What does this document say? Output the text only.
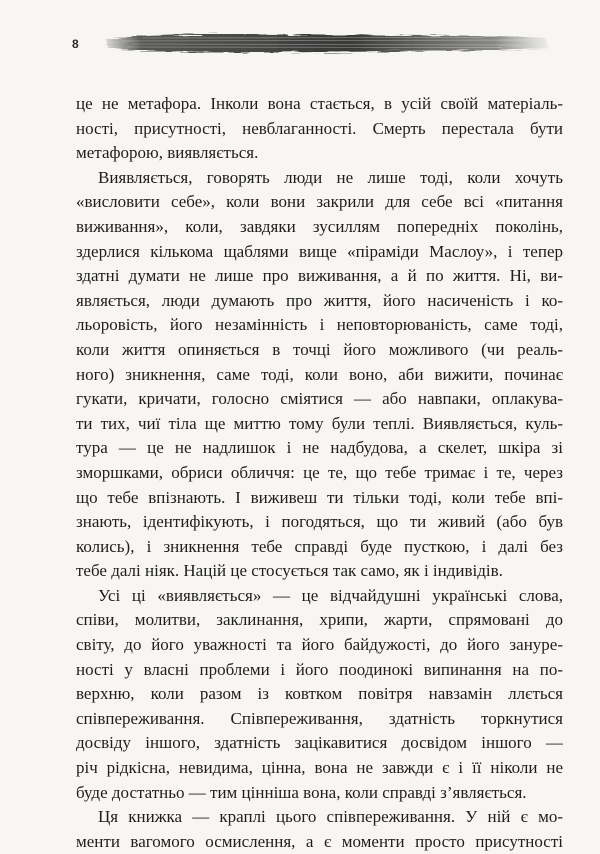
8

це не метафора. Інколи вона стається, в усій своїй матеріаль-
ності, присутності, невблаганності. Смерть перестала бути
метафорою, виявляється.

Виявляється, говорять люди не лише тоді, коли хочуть
«висловити себе», коли вони закрили для себе всі «питання
виживання», коли, завдяки зусиллям попередніх поколінь,
здерлися кількома щаблями вище «піраміди Маслоу», і тепер
здатні думати не лише про виживання, а й по життя. Ні, ви-
являється, люди думають про життя, його насиченість і ко-
льоровість, його незамінність і неповторюваність, саме тоді,
коли життя опиняється в точці його можливого (чи реаль-
ного) зникнення, саме тоді, коли воно, аби вижити, починає
гукати, кричати, голосно сміятися — або навпаки, оплакува-
ти тих, чиї тіла ще миттю тому були теплі. Виявляється, куль-
тура — це не надлишок і не надбудова, а скелет, шкіра зі
зморшками, обриси обличчя: це те, що тебе тримає і те, через
що тебе впізнають. І виживеш ти тільки тоді, коли тебе впі-
знають, ідентифікують, і погодяться, що ти живий (або був
колись), і зникнення тебе справді буде пусткою, і далі без
тебе далі ніяк. Націй це стосується так само, як і індивідів.

Усі ці «виявляється» — це відчайдушні українські слова,
співи, молитви, заклинання, хрипи, жарти, спрямовані до
світу, до його уважності та його байдужості, до його занурe-
ності у власні проблеми і його поодинокі випинання на по-
верхню, коли разом із ковтком повітря навзамін ллється
співпереживання. Співпереживання, здатність торкнутися
досвіду іншого, здатність зацікавитися досвідом іншого —
річ рідкісна, невидима, цінна, вона не завжди є і її ніколи не
буде достатньо — тим ціннішa вона, коли справді з’являється.

Ця книжка — краплі цього співпереживання. У ній є мо-
менти вагомого осмислення, а є моменти просто присутності
